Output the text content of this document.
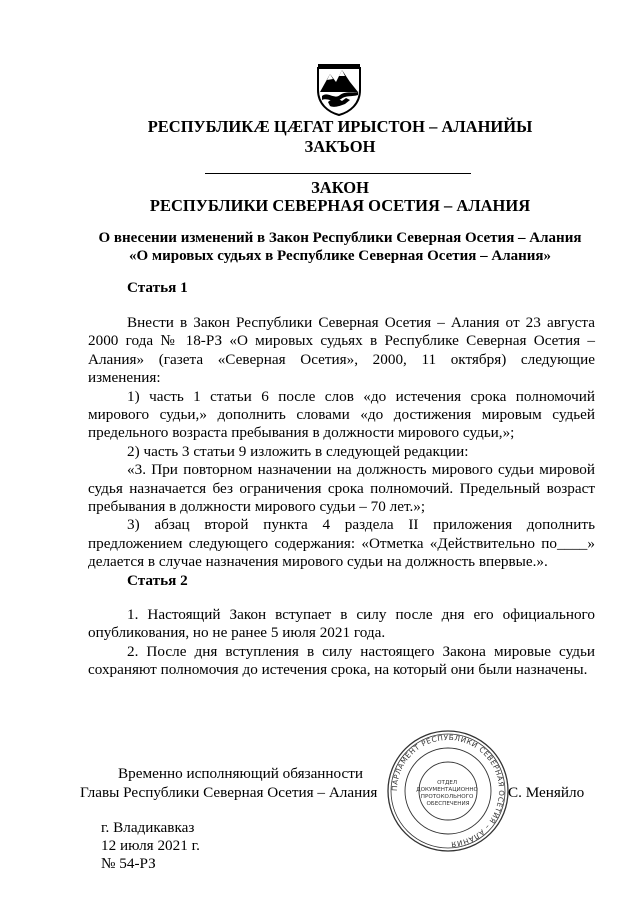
РЕСПУБЛИКÆ ЦÆГАТ ИРЫСТОН – АЛАНИЙЫ
ЗАКЪОН
ЗАКОН
РЕСПУБЛИКИ СЕВЕРНАЯ ОСЕТИЯ – АЛАНИЯ
О внесении изменений в Закон Республики Северная Осетия – Алания
«О мировых судьях в Республике Северная Осетия – Алания»
Статья 1

Внести в Закон Республики Северная Осетия – Алания от 23 августа 2000 года № 18-РЗ «О мировых судьях в Республике Северная Осетия – Алания» (газета «Северная Осетия», 2000, 11 октября) следующие изменения:

1) часть 1 статьи 6 после слов «до истечения срока полномочий мирового судьи,» дополнить словами «до достижения мировым судьей предельного возраста пребывания в должности мирового судьи,»;

2) часть 3 статьи 9 изложить в следующей редакции:

«3. При повторном назначении на должность мирового судьи мировой судья назначается без ограничения срока полномочий. Предельный возраст пребывания в должности мирового судьи – 70 лет.»;

3) абзац второй пункта 4 раздела II приложения дополнить предложением следующего содержания: «Отметка «Действительно по____» делается в случае назначения мирового судьи на должность впервые.».

Статья 2

1. Настоящий Закон вступает в силу после дня его официального опубликования, но не ранее 5 июля 2021 года.

2. После дня вступления в силу настоящего Закона мировые судьи сохраняют полномочия до истечения срока, на который они были назначены.

Временно исполняющий обязанности
Главы Республики Северная Осетия – Алания	С. Меняйло
ПАРЛАМЕНТ РЕСПУБЛИКИ СЕВЕРНАЯ ОСЕТИЯ – АЛАНИЯ
ОТДЕЛ ДОКУМЕНТАЦИОННО ПРОТОКОЛЬНОГО ОБЕСПЕЧЕНИЯ
г. Владикавказ
12 июля 2021 г.
№ 54-РЗ
